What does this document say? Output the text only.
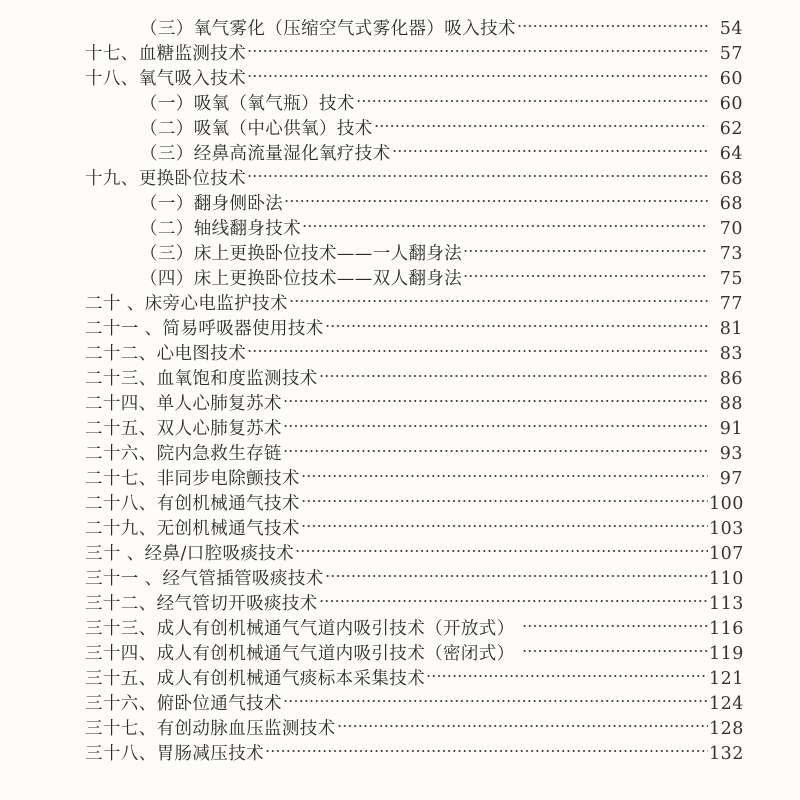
（三）氧气雾化（压缩空气式雾化器）吸入技术	54
十七、血糖监测技术	57
十八、氧气吸入技术	60
（一）吸氧（氧气瓶）技术	60
（二）吸氧（中心供氧）技术	62
（三）经鼻高流量湿化氧疗技术	64
十九、更换卧位技术	68
（一）翻身侧卧法	68
（二）轴线翻身技术	70
（三）床上更换卧位技术——一人翻身法	73
（四）床上更换卧位技术——双人翻身法	75
二十 、床旁心电监护技术	77
二十一 、简易呼吸器使用技术	81
二十二、心电图技术	83
二十三、血氧饱和度监测技术	86
二十四、单人心肺复苏术	88
二十五、双人心肺复苏术	91
二十六、院内急救生存链	93
二十七、非同步电除颤技术	97
二十八、有创机械通气技术	100
二十九、无创机械通气技术	103
三十 、经鼻/口腔吸痰技术	107
三十一 、经气管插管吸痰技术	110
三十二、经气管切开吸痰技术	113
三十三、成人有创机械通气气道内吸引技术（开放式）	116
三十四、成人有创机械通气气道内吸引技术（密闭式）	119
三十五、成人有创机械通气痰标本采集技术	121
三十六、俯卧位通气技术	124
三十七、有创动脉血压监测技术	128
三十八、胃肠减压技术	132
